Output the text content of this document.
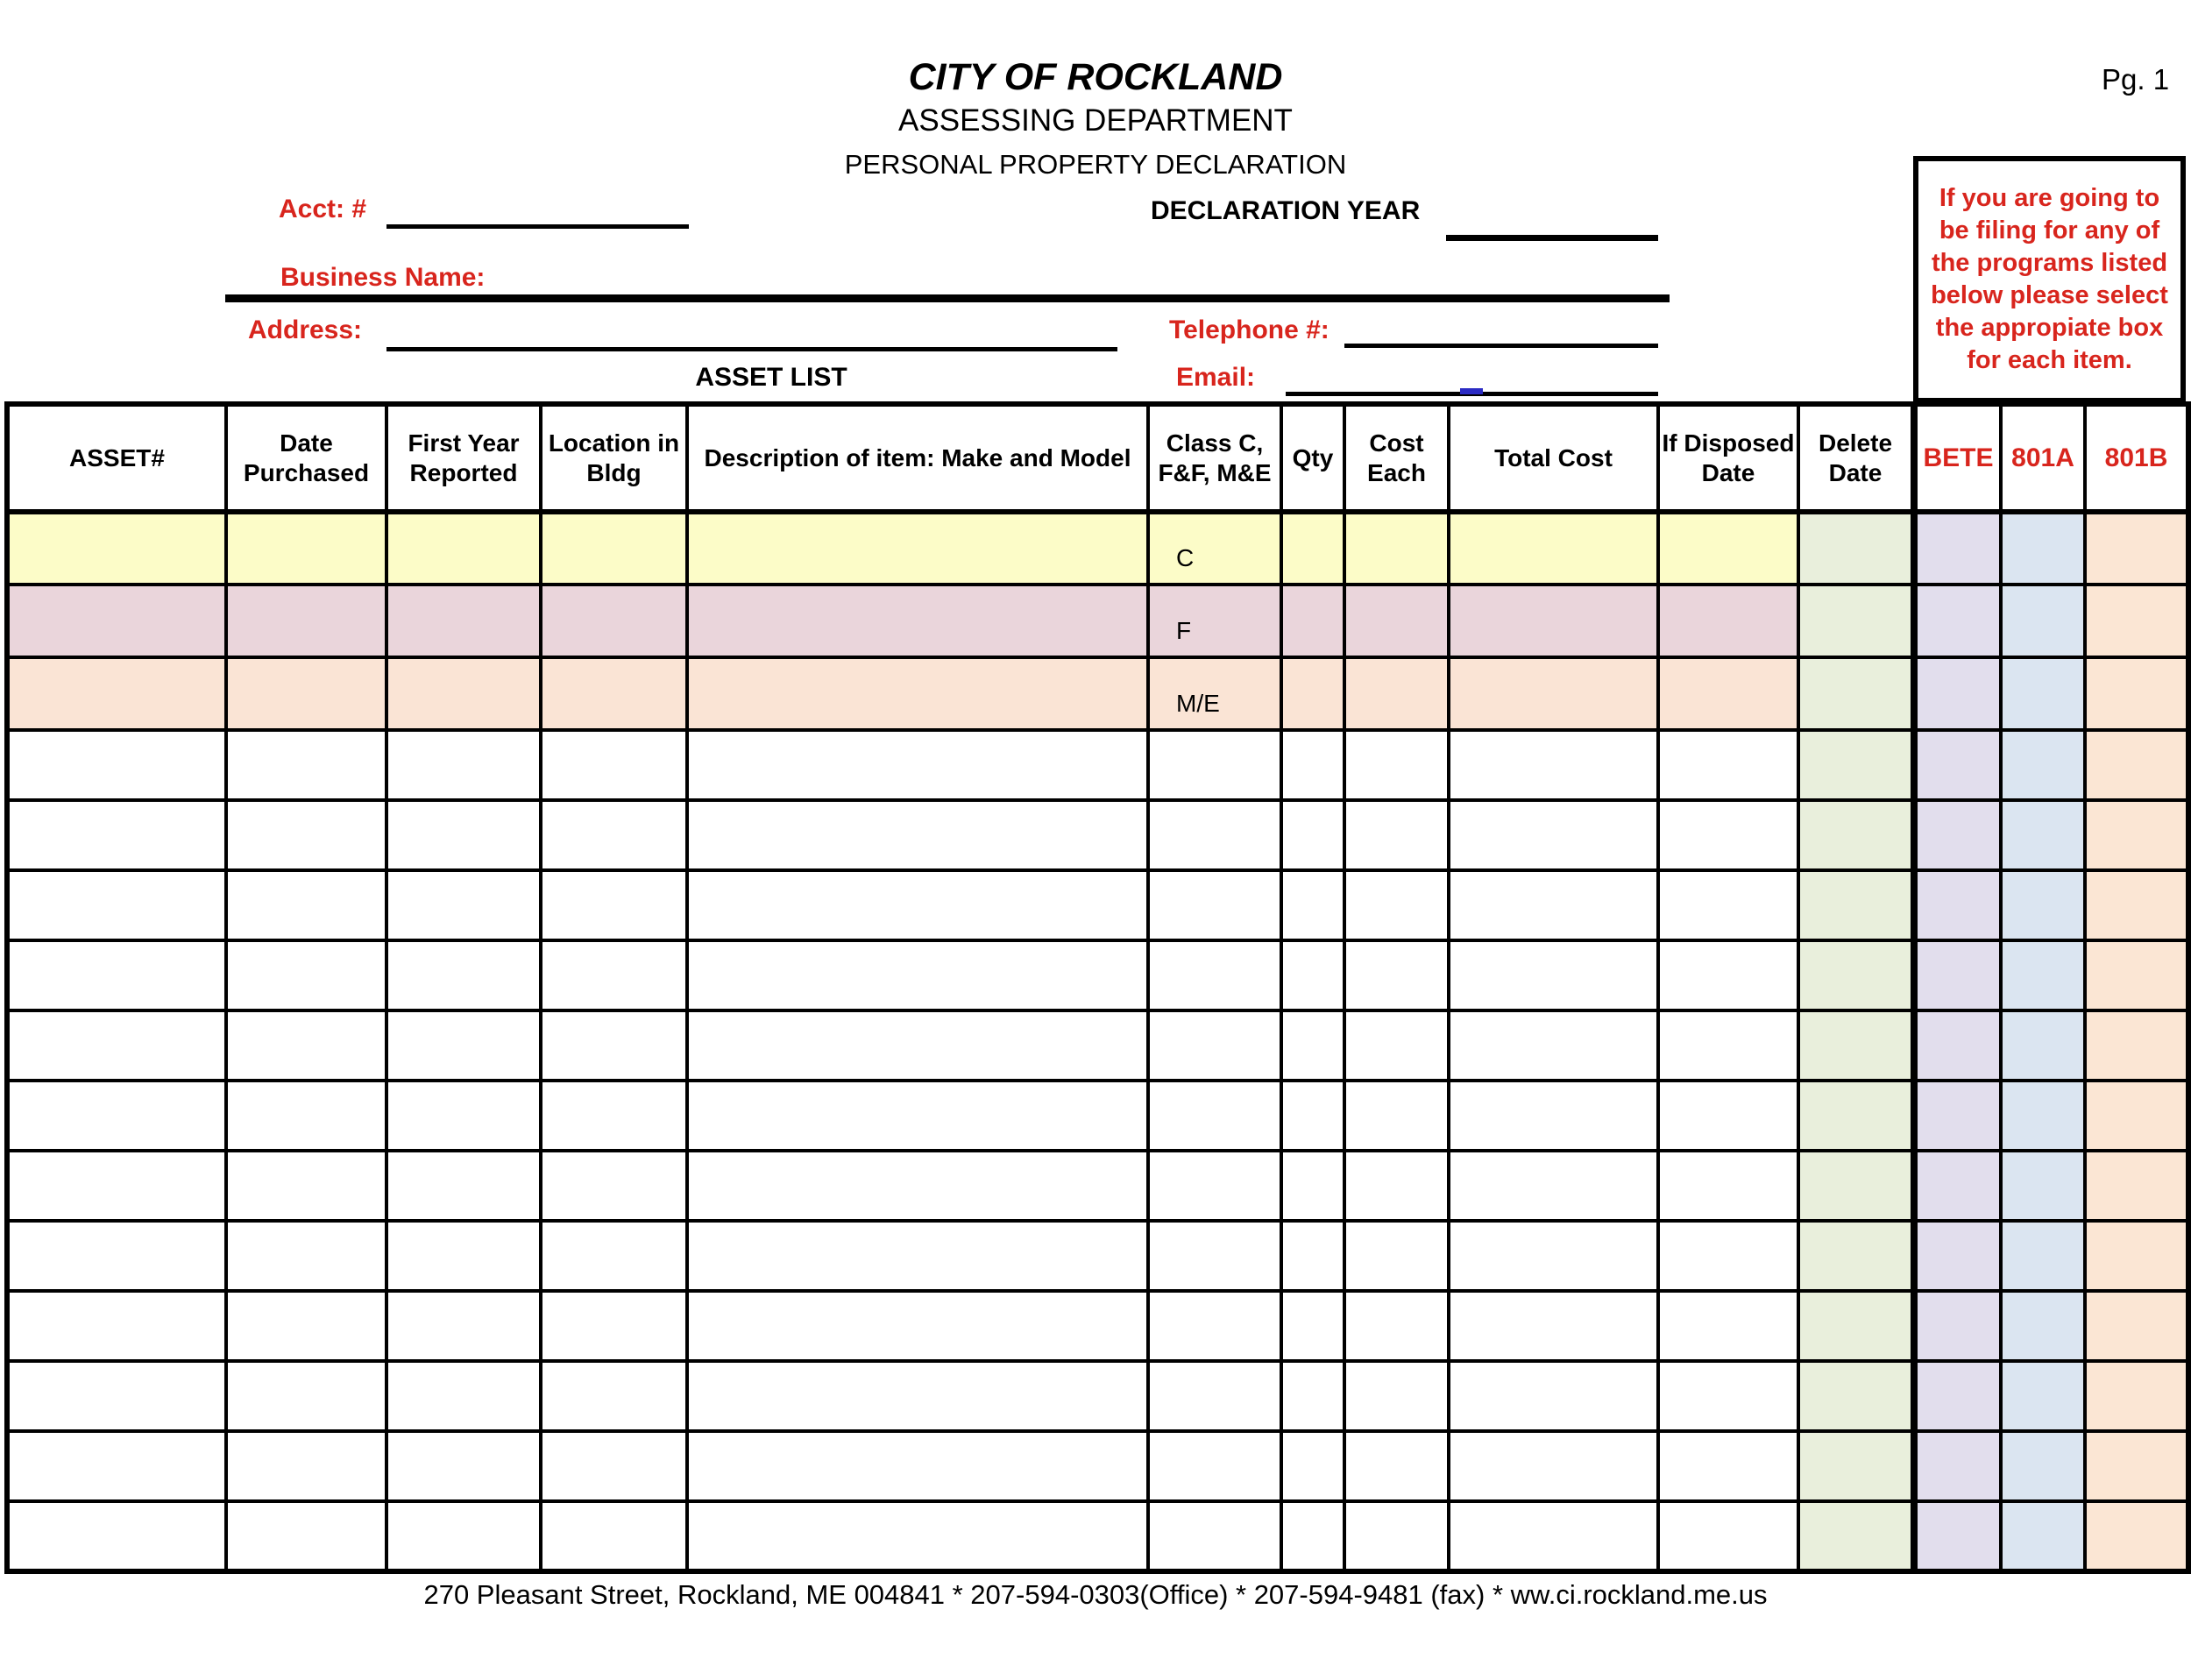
Pg. 1
CITY OF ROCKLAND
ASSESSING DEPARTMENT
PERSONAL PROPERTY DECLARATION
Acct: #	DECLARATION YEAR
Business Name:
Address:	Telephone #:
ASSET LIST	Email:
If you are going to be filing for any of the programs listed below please select the appropiate box for each item.
ASSET#	Date Purchased	First Year Reported	Location in Bldg	Description of item: Make and Model	Class C, F&F, M&E	Qty	Cost Each	Total Cost	If Disposed Date	Delete Date	BETE	801A	801B
					C								
					F								
					M/E								

270 Pleasant Street, Rockland, ME 004841 * 207-594-0303(Office) * 207-594-9481 (fax) * ww.ci.rockland.me.us
